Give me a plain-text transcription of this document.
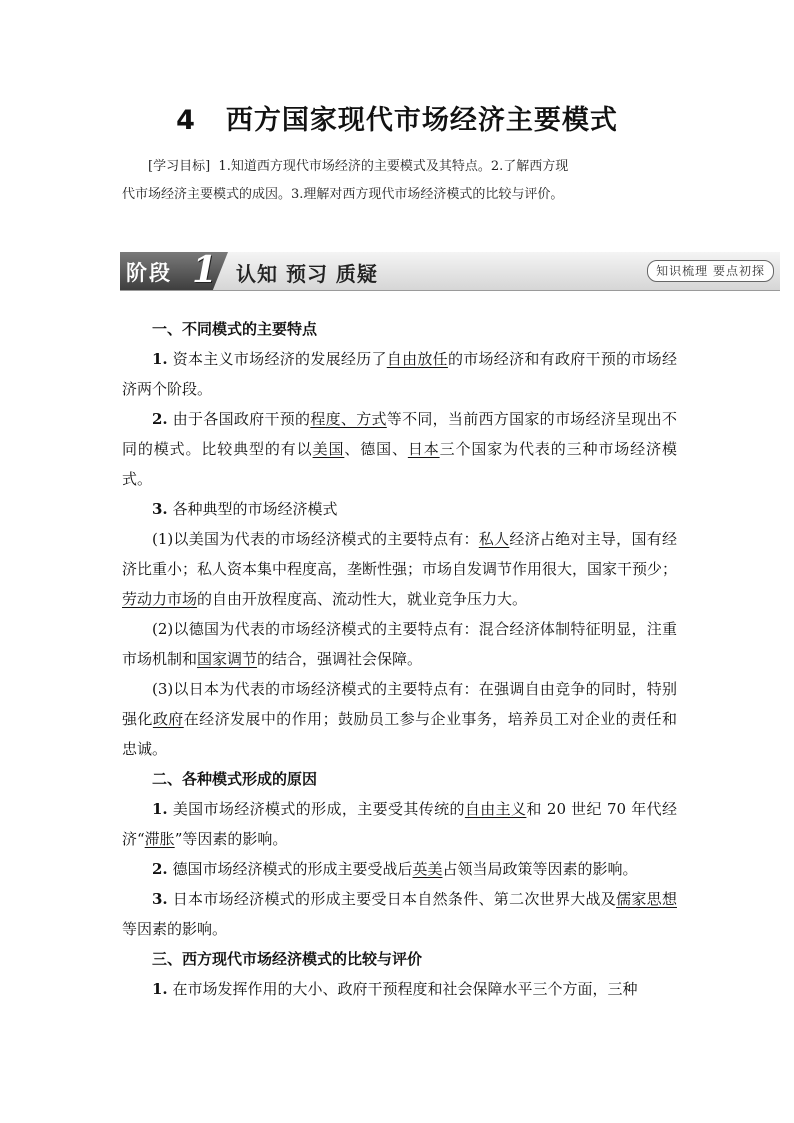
4 西方国家现代市场经济主要模式
[学习目标] 1.知道西方现代市场经济的主要模式及其特点。2.了解西方现
代市场经济主要模式的成因。3.理解对西方现代市场经济模式的比较与评价。
阶段 1 认知 预习 质疑	知识梳理 要点初探

一、不同模式的主要特点

1. 资本主义市场经济的发展经历了自由放任的市场经济和有政府干预的市场经济两个阶段。

2. 由于各国政府干预的程度、方式等不同，当前西方国家的市场经济呈现出不同的模式。比较典型的有以美国、德国、日本三个国家为代表的三种市场经济模式。

3. 各种典型的市场经济模式

(1)以美国为代表的市场经济模式的主要特点有：私人经济占绝对主导，国有经济比重小；私人资本集中程度高，垄断性强；市场自发调节作用很大，国家干预少；劳动力市场的自由开放程度高、流动性大，就业竞争压力大。

(2)以德国为代表的市场经济模式的主要特点有：混合经济体制特征明显，注重市场机制和国家调节的结合，强调社会保障。

(3)以日本为代表的市场经济模式的主要特点有：在强调自由竞争的同时，特别强化政府在经济发展中的作用；鼓励员工参与企业事务，培养员工对企业的责任和忠诚。

二、各种模式形成的原因

1. 美国市场经济模式的形成，主要受其传统的自由主义和 20 世纪 70 年代经济“滞胀”等因素的影响。

2. 德国市场经济模式的形成主要受战后英美占领当局政策等因素的影响。

3. 日本市场经济模式的形成主要受日本自然条件、第二次世界大战及儒家思想等因素的影响。

三、西方现代市场经济模式的比较与评价

1. 在市场发挥作用的大小、政府干预程度和社会保障水平三个方面，三种
